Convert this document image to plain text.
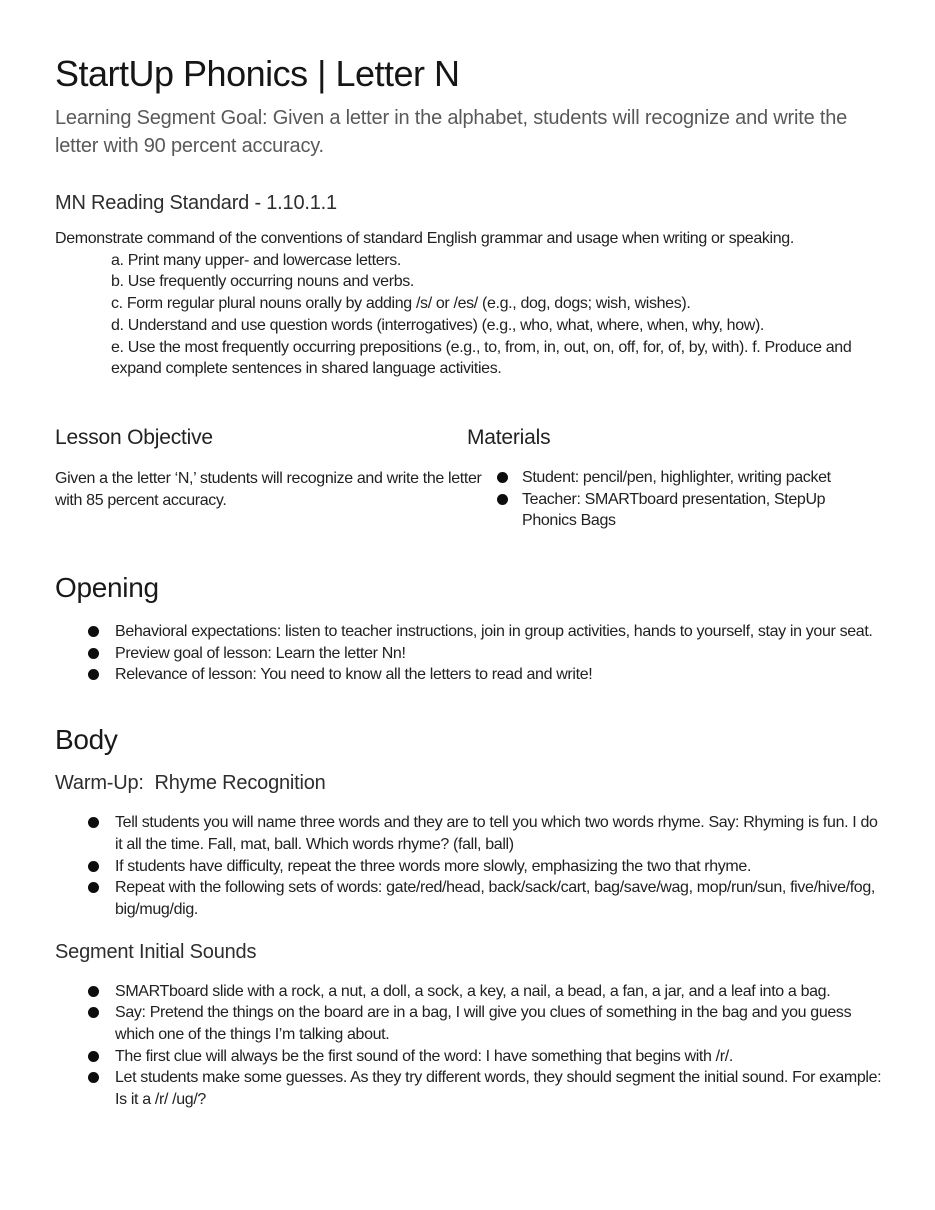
StartUp Phonics | Letter N

Learning Segment Goal: Given a letter in the alphabet, students will recognize and write the letter with 90 percent accuracy.

MN Reading Standard - 1.10.1.1

Demonstrate command of the conventions of standard English grammar and usage when writing or speaking.

a. Print many upper- and lowercase letters.

b. Use frequently occurring nouns and verbs.

c. Form regular plural nouns orally by adding /s/ or /es/ (e.g., dog, dogs; wish, wishes).

d. Understand and use question words (interrogatives) (e.g., who, what, where, when, why, how).

e. Use the most frequently occurring prepositions (e.g., to, from, in, out, on, off, for, of, by, with). f. Produce and expand complete sentences in shared language activities.

Lesson Objective

Given a the letter ‘N,’ students will recognize and write the letter with 85 percent accuracy.

Materials
Student: pencil/pen, highlighter, writing packet
Teacher: SMARTboard presentation, StepUp Phonics Bags
Opening
Behavioral expectations: listen to teacher instructions, join in group activities, hands to yourself, stay in your seat.
Preview goal of lesson: Learn the letter Nn!
Relevance of lesson: You need to know all the letters to read and write!
Body
Warm-Up:  Rhyme Recognition
Tell students you will name three words and they are to tell you which two words rhyme. Say: Rhyming is fun. I do it all the time. Fall, mat, ball. Which words rhyme? (fall, ball)
If students have difficulty, repeat the three words more slowly, emphasizing the two that rhyme.
Repeat with the following sets of words: gate/red/head, back/sack/cart, bag/save/wag, mop/run/sun, five/hive/fog, big/mug/dig.
Segment Initial Sounds
SMARTboard slide with a rock, a nut, a doll, a sock, a key, a nail, a bead, a fan, a jar, and a leaf into a bag.
Say: Pretend the things on the board are in a bag, I will give you clues of something in the bag and you guess which one of the things I’m talking about.
The first clue will always be the first sound of the word: I have something that begins with /r/.
Let students make some guesses. As they try different words, they should segment the initial sound. For example: Is it a /r/ /ug/?
